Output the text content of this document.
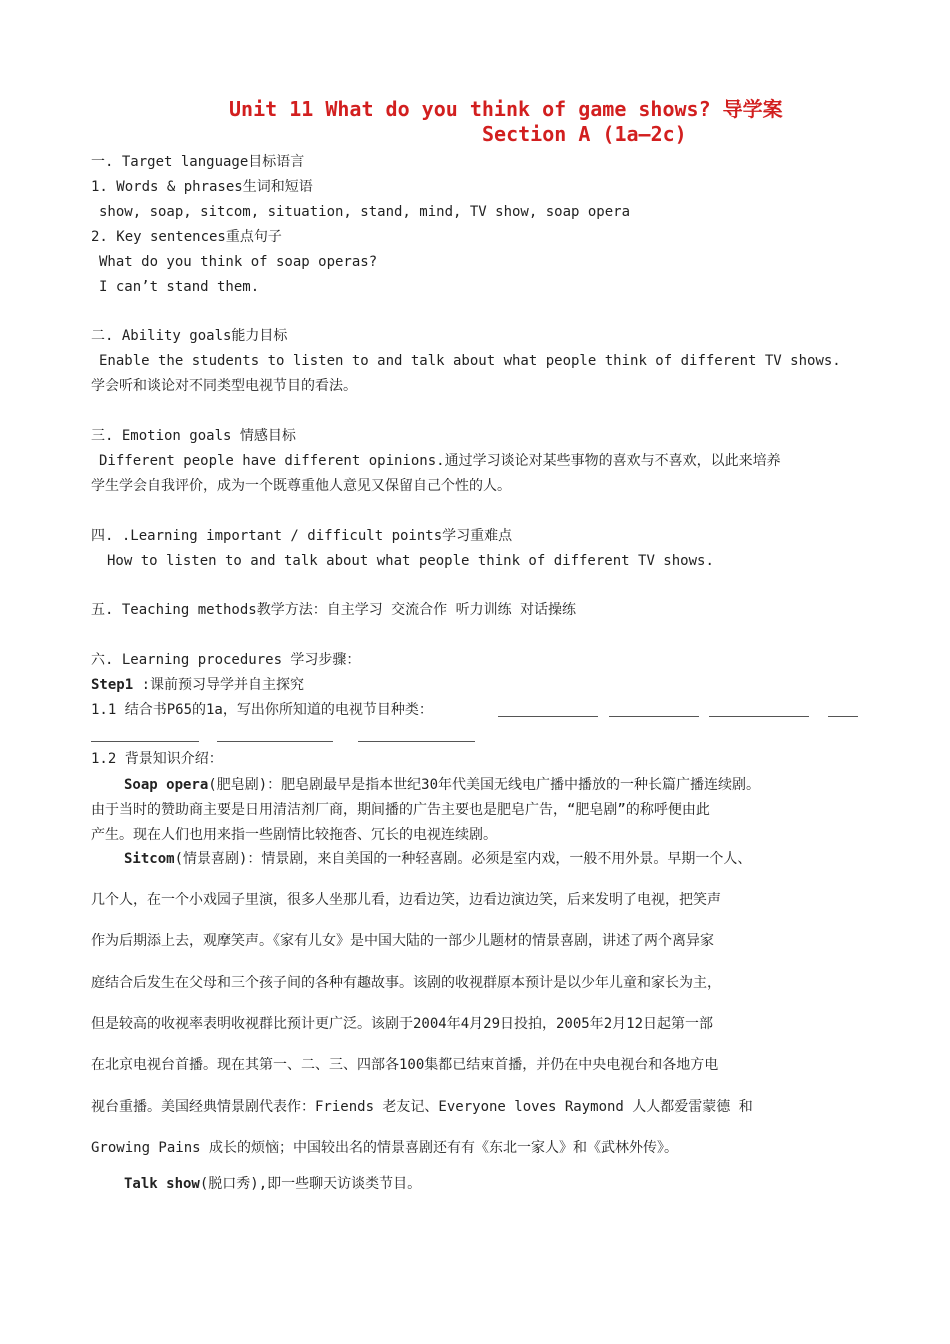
Unit 11 What do you think of game shows? 导学案
Section A (1a—2c)
一. Target language目标语言
1. Words & phrases生词和短语
show, soap, sitcom, situation, stand, mind, TV show, soap opera
2. Key sentences重点句子
What do you think of soap operas?
I can’t stand them.
二. Ability goals能力目标
Enable the students to listen to and talk about what people think of different TV shows.
学会听和谈论对不同类型电视节目的看法。
三. Emotion goals 情感目标
Different people have different opinions.通过学习谈论对某些事物的喜欢与不喜欢，以此来培养
学生学会自我评价，成为一个既尊重他人意见又保留自己个性的人。
四. .Learning important / difficult points学习重难点
How to listen to and talk about what people think of different TV shows.
五. Teaching methods教学方法：自主学习 交流合作 听力训练 对话操练
六. Learning procedures 学习步骤：
Step1 :课前预习导学并自主探究
1.1 结合书P65的1a，写出你所知道的电视节目种类：
1.2 背景知识介绍：
Soap opera(肥皂剧)：肥皂剧最早是指本世纪30年代美国无线电广播中播放的一种长篇广播连续剧。
由于当时的赞助商主要是日用清洁剂厂商，期间播的广告主要也是肥皂广告，“肥皂剧”的称呼便由此
产生。现在人们也用来指一些剧情比较拖沓、冗长的电视连续剧。
Sitcom(情景喜剧)：情景剧，来自美国的一种轻喜剧。必须是室内戏，一般不用外景。早期一个人、
几个人，在一个小戏园子里演，很多人坐那儿看，边看边笑，边看边演边笑，后来发明了电视，把笑声
作为后期添上去，观摩笑声。《家有儿女》是中国大陆的一部少儿题材的情景喜剧，讲述了两个离异家
庭结合后发生在父母和三个孩子间的各种有趣故事。该剧的收视群原本预计是以少年儿童和家长为主，
但是较高的收视率表明收视群比预计更广泛。该剧于2004年4月29日投拍，2005年2月12日起第一部
在北京电视台首播。现在其第一、二、三、四部各100集都已结束首播，并仍在中央电视台和各地方电
视台重播。美国经典情景剧代表作：Friends 老友记、Everyone loves Raymond 人人都爱雷蒙德 和
Growing Pains 成长的烦恼；中国较出名的情景喜剧还有有《东北一家人》和《武林外传》。
Talk show(脱口秀),即一些聊天访谈类节目。
